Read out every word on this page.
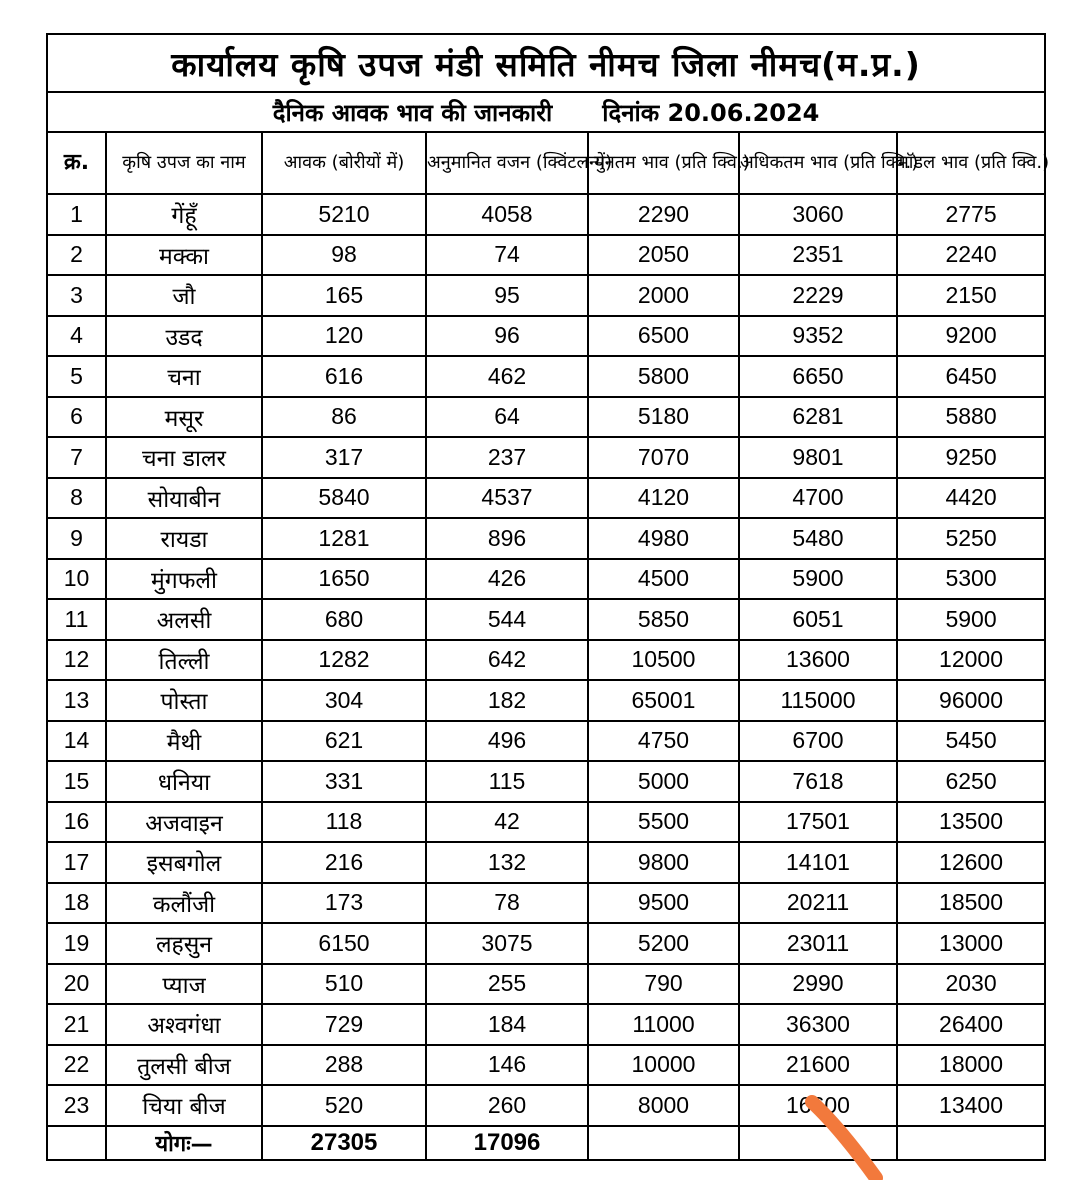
कार्यालय कृषि उपज मंडी समिति नीमच जिला नीमच(म.प्र.)						
दैनिक आवक भाव की जानकारी दिनांक 20.06.2024						
क्र.	कृषि उपज का नाम	आवक (बोरीयों में)	अनुमानित वजन (क्विंटल में)	न्युनतम भाव (प्रति क्वि.)	अधिकतम भाव (प्रति क्वि.)	मॉडल भाव (प्रति क्वि.)
1	गेंहूँ	5210	4058	2290	3060	2775
2	मक्का	98	74	2050	2351	2240
3	जौ	165	95	2000	2229	2150
4	उडद	120	96	6500	9352	9200
5	चना	616	462	5800	6650	6450
6	मसूर	86	64	5180	6281	5880
7	चना डालर	317	237	7070	9801	9250
8	सोयाबीन	5840	4537	4120	4700	4420
9	रायडा	1281	896	4980	5480	5250
10	मुंगफली	1650	426	4500	5900	5300
11	अलसी	680	544	5850	6051	5900
12	तिल्ली	1282	642	10500	13600	12000
13	पोस्ता	304	182	65001	115000	96000
14	मैथी	621	496	4750	6700	5450
15	धनिया	331	115	5000	7618	6250
16	अजवाइन	118	42	5500	17501	13500
17	इसबगोल	216	132	9800	14101	12600
18	कलौंजी	173	78	9500	20211	18500
19	लहसुन	6150	3075	5200	23011	13000
20	प्याज	510	255	790	2990	2030
21	अश्वगंधा	729	184	11000	36300	26400
22	तुलसी बीज	288	146	10000	21600	18000
23	चिया बीज	520	260	8000	16600	13400
	योगः—	27305	17096			
